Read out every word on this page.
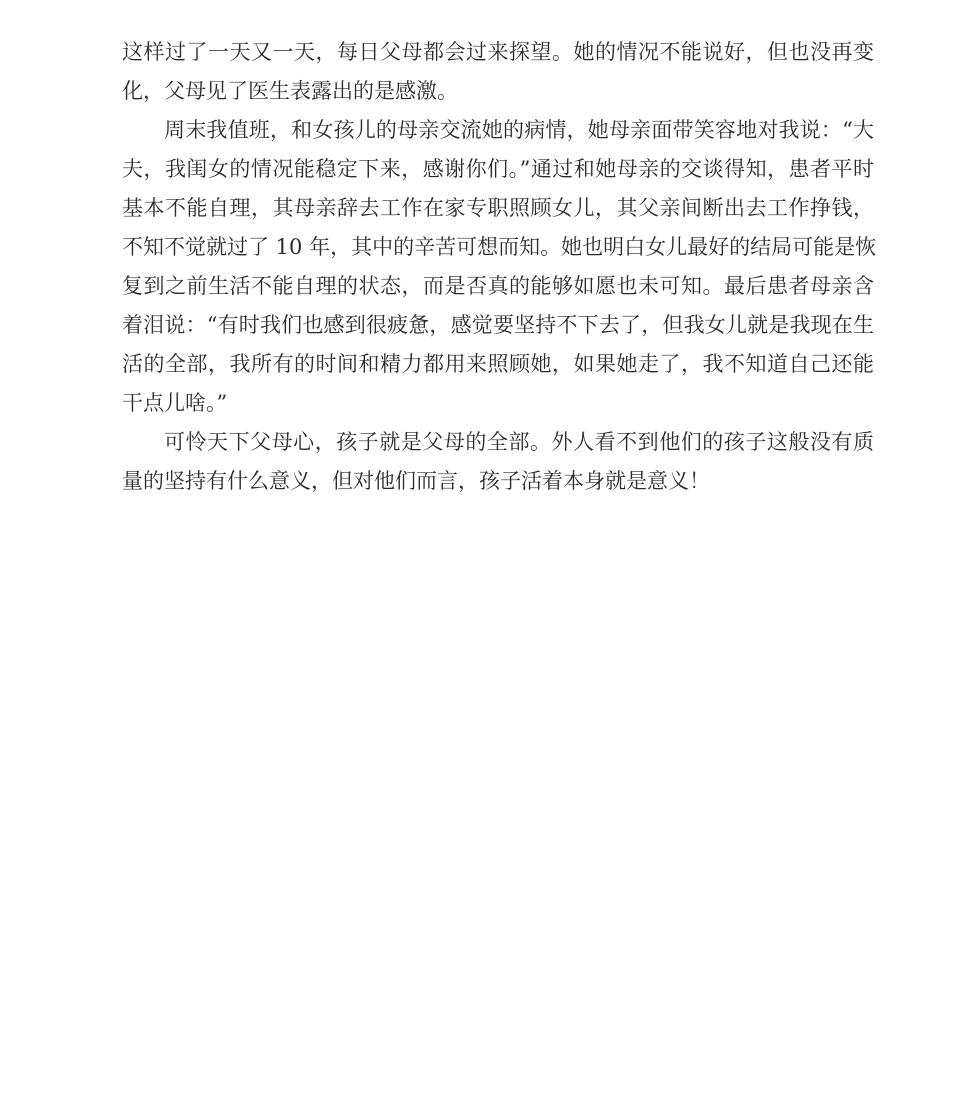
这样过了一天又一天，每日父母都会过来探望。她的情况不能说好，但也没再变
化，父母见了医生表露出的是感激。

周末我值班，和女孩儿的母亲交流她的病情，她母亲面带笑容地对我说：“大
夫，我闺女的情况能稳定下来，感谢你们。”通过和她母亲的交谈得知，患者平时
基本不能自理，其母亲辞去工作在家专职照顾女儿，其父亲间断出去工作挣钱，
不知不觉就过了 10 年，其中的辛苦可想而知。她也明白女儿最好的结局可能是恢
复到之前生活不能自理的状态，而是否真的能够如愿也未可知。最后患者母亲含
着泪说：“有时我们也感到很疲惫，感觉要坚持不下去了，但我女儿就是我现在生
活的全部，我所有的时间和精力都用来照顾她，如果她走了，我不知道自己还能
干点儿啥。”

可怜天下父母心，孩子就是父母的全部。外人看不到他们的孩子这般没有质
量的坚持有什么意义，但对他们而言，孩子活着本身就是意义！
